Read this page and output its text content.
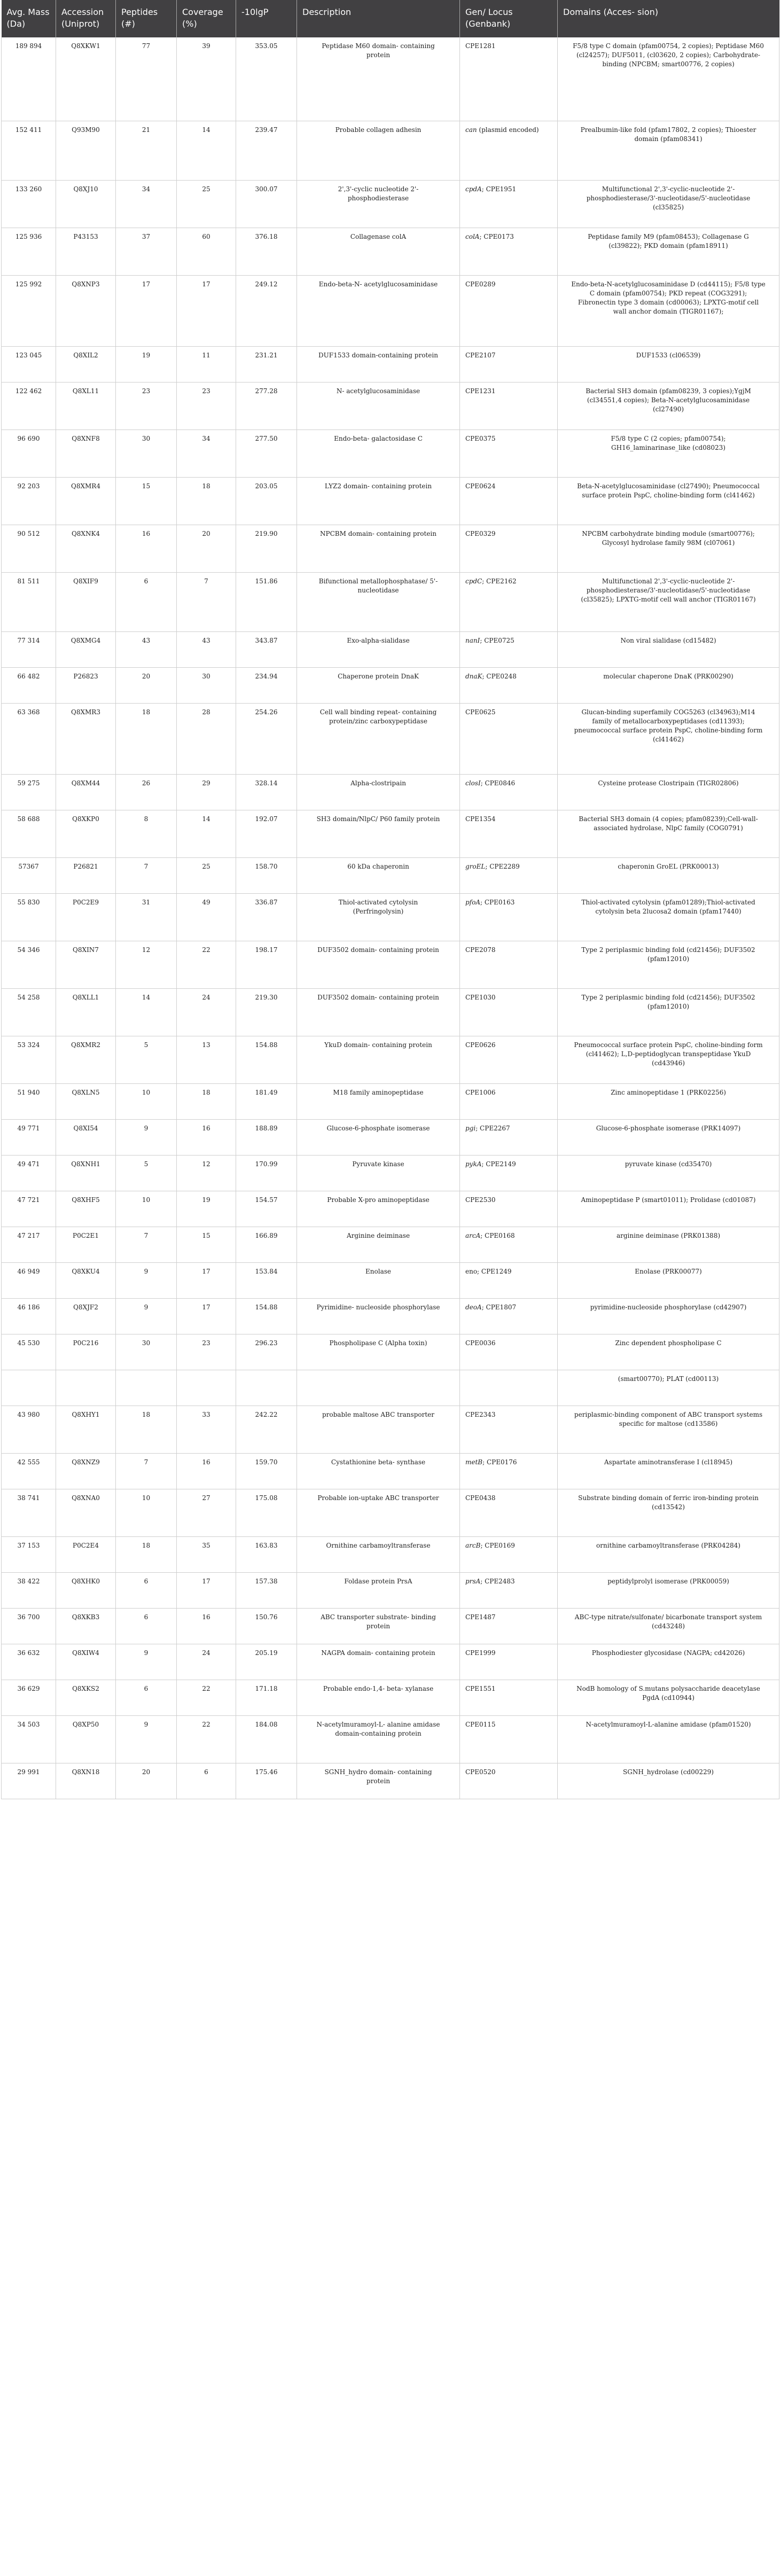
Avg. Mass (Da)	Accession (Uniprot)	Peptides (#)	Coverage (%)	-10lgP	Description	Gen/ Locus (Genbank)	Domains (Acces- sion)
189 894	Q8XKW1	77	39	353.05	Peptidase M60 domain- containing protein	CPE1281	F5/8 type C domain (pfam00754, 2 copies); Peptidase M60 (cl24257); DUF5011, (cl03620, 2 copies); Carbohydrate-binding (NPCBM; smart00776, 2 copies)
152 411	Q93M90	21	14	239.47	Probable collagen adhesin	can (plasmid encoded)	Prealbumin-like fold (pfam17802, 2 copies); Thioester domain (pfam08341)
133 260	Q8XJ10	34	25	300.07	2',3'-cyclic nucleotide 2'- phosphodiesterase	cpdA; CPE1951	Multifunctional 2',3'-cyclic-nucleotide 2'-phosphodiesterase/3'-nucleotidase/5'-nucleotidase (cl35825)
125 936	P43153	37	60	376.18	Collagenase colA	colA; CPE0173	Peptidase family M9 (pfam08453); Collagenase G (cl39822); PKD domain (pfam18911)
125 992	Q8XNP3	17	17	249.12	Endo-beta-N- acetylglucosaminidase	CPE0289	Endo-beta-N-acetylglucosaminidase D (cd44115); F5/8 type C domain (pfam00754); PKD repeat (COG3291); Fibronectin type 3 domain (cd00063); LPXTG-motif cell wall anchor domain (TIGR01167);
123 045	Q8XIL2	19	11	231.21	DUF1533 domain-containing protein	CPE2107	DUF1533 (cl06539)
122 462	Q8XL11	23	23	277.28	N- acetylglucosaminidase	CPE1231	Bacterial SH3 domain (pfam08239, 3 copies);YgjM (cl34551,4 copies); Beta-N-acetylglucosaminidase (cl27490)
96 690	Q8XNF8	30	34	277.50	Endo-beta- galactosidase C	CPE0375	F5/8 type C (2 copies; pfam00754); GH16_laminarinase_like (cd08023)
92 203	Q8XMR4	15	18	203.05	LYZ2 domain- containing protein	CPE0624	Beta-N-acetylglucosaminidase (cl27490); Pneumococcal surface protein PspC, choline-binding form (cl41462)
90 512	Q8XNK4	16	20	219.90	NPCBM domain- containing protein	CPE0329	NPCBM carbohydrate binding module (smart00776); Glycosyl hydrolase family 98M (cl07061)
81 511	Q8XIF9	6	7	151.86	Bifunctional metallophosphatase/ 5'- nucleotidase	cpdC; CPE2162	Multifunctional 2',3'-cyclic-nucleotide 2'-phosphodiesterase/3'-nucleotidase/5'-nucleotidase (cl35825); LPXTG-motif cell wall anchor (TIGR01167)
77 314	Q8XMG4	43	43	343.87	Exo-alpha-sialidase	nanI; CPE0725	Non viral sialidase (cd15482)
66 482	P26823	20	30	234.94	Chaperone protein DnaK	dnaK; CPE0248	molecular chaperone DnaK (PRK00290)
63 368	Q8XMR3	18	28	254.26	Cell wall binding repeat- containing protein/zinc carboxypeptidase	CPE0625	Glucan-binding superfamily COG5263 (cl34963);M14 family of metallocarboxypeptidases (cd11393); pneumococcal surface protein PspC, choline-binding form (cl41462)
59 275	Q8XM44	26	29	328.14	Alpha-clostripain	closI; CPE0846	Cysteine protease Clostripain (TIGR02806)
58 688	Q8XKP0	8	14	192.07	SH3 domain/NlpC/ P60 family protein	CPE1354	Bacterial SH3 domain (4 copies; pfam08239);Cell-wall-associated hydrolase, NlpC family (COG0791)
57367	P26821	7	25	158.70	60 kDa chaperonin	groEL; CPE2289	chaperonin GroEL (PRK00013)
55 830	P0C2E9	31	49	336.87	Thiol-activated cytolysin (Perfringolysin)	pfoA; CPE0163	Thiol-activated cytolysin (pfam01289);Thiol-activated cytolysin beta 2lucosa2 domain (pfam17440)
54 346	Q8XIN7	12	22	198.17	DUF3502 domain- containing protein	CPE2078	Type 2 periplasmic binding fold (cd21456); DUF3502 (pfam12010)
54 258	Q8XLL1	14	24	219.30	DUF3502 domain- containing protein	CPE1030	Type 2 periplasmic binding fold (cd21456); DUF3502 (pfam12010)
53 324	Q8XMR2	5	13	154.88	YkuD domain- containing protein	CPE0626	Pneumococcal surface protein PspC, choline-binding form (cl41462); L,D-peptidoglycan transpeptidase YkuD (cd43946)
51 940	Q8XLN5	10	18	181.49	M18 family aminopeptidase	CPE1006	Zinc aminopeptidase 1 (PRK02256)
49 771	Q8XI54	9	16	188.89	Glucose-6-phosphate isomerase	pgi; CPE2267	Glucose-6-phosphate isomerase (PRK14097)
49 471	Q8XNH1	5	12	170.99	Pyruvate kinase	pykA; CPE2149	pyruvate kinase (cd35470)
47 721	Q8XHF5	10	19	154.57	Probable X-pro aminopeptidase	CPE2530	Aminopeptidase P (smart01011); Prolidase (cd01087)
47 217	P0C2E1	7	15	166.89	Arginine deiminase	arcA; CPE0168	arginine deiminase (PRK01388)
46 949	Q8XKU4	9	17	153.84	Enolase	eno; CPE1249	Enolase (PRK00077)
46 186	Q8XJF2	9	17	154.88	Pyrimidine- nucleoside phosphorylase	deoA; CPE1807	pyrimidine-nucleoside phosphorylase (cd42907)
45 530	P0C216	30	23	296.23	Phospholipase C (Alpha toxin)	CPE0036	Zinc dependent phospholipase C
							(smart00770); PLAT (cd00113)
43 980	Q8XHY1	18	33	242.22	probable maltose ABC transporter	CPE2343	periplasmic-binding component of ABC transport systems specific for maltose (cd13586)
42 555	Q8XNZ9	7	16	159.70	Cystathionine beta- synthase	metB; CPE0176	Aspartate aminotransferase I (cl18945)
38 741	Q8XNA0	10	27	175.08	Probable ion-uptake ABC transporter	CPE0438	Substrate binding domain of ferric iron-binding protein (cd13542)
37 153	P0C2E4	18	35	163.83	Ornithine carbamoyltransferase	arcB; CPE0169	ornithine carbamoyltransferase (PRK04284)
38 422	Q8XHK0	6	17	157.38	Foldase protein PrsA	prsA; CPE2483	peptidylprolyl isomerase (PRK00059)
36 700	Q8XKB3	6	16	150.76	ABC transporter substrate- binding protein	CPE1487	ABC-type nitrate/sulfonate/ bicarbonate transport system (cd43248)
36 632	Q8XIW4	9	24	205.19	NAGPA domain- containing protein	CPE1999	Phosphodiester glycosidase (NAGPA; cd42026)
36 629	Q8XKS2	6	22	171.18	Probable endo-1,4- beta- xylanase	CPE1551	NodB homology of S.mutans polysaccharide deacetylase PgdA (cd10944)
34 503	Q8XP50	9	22	184.08	N-acetylmuramoyl-L- alanine amidase domain-containing protein	CPE0115	N-acetylmuramoyl-L-alanine amidase (pfam01520)
29 991	Q8XN18	20	6	175.46	SGNH_hydro domain- containing protein	CPE0520	SGNH_hydrolase (cd00229)
